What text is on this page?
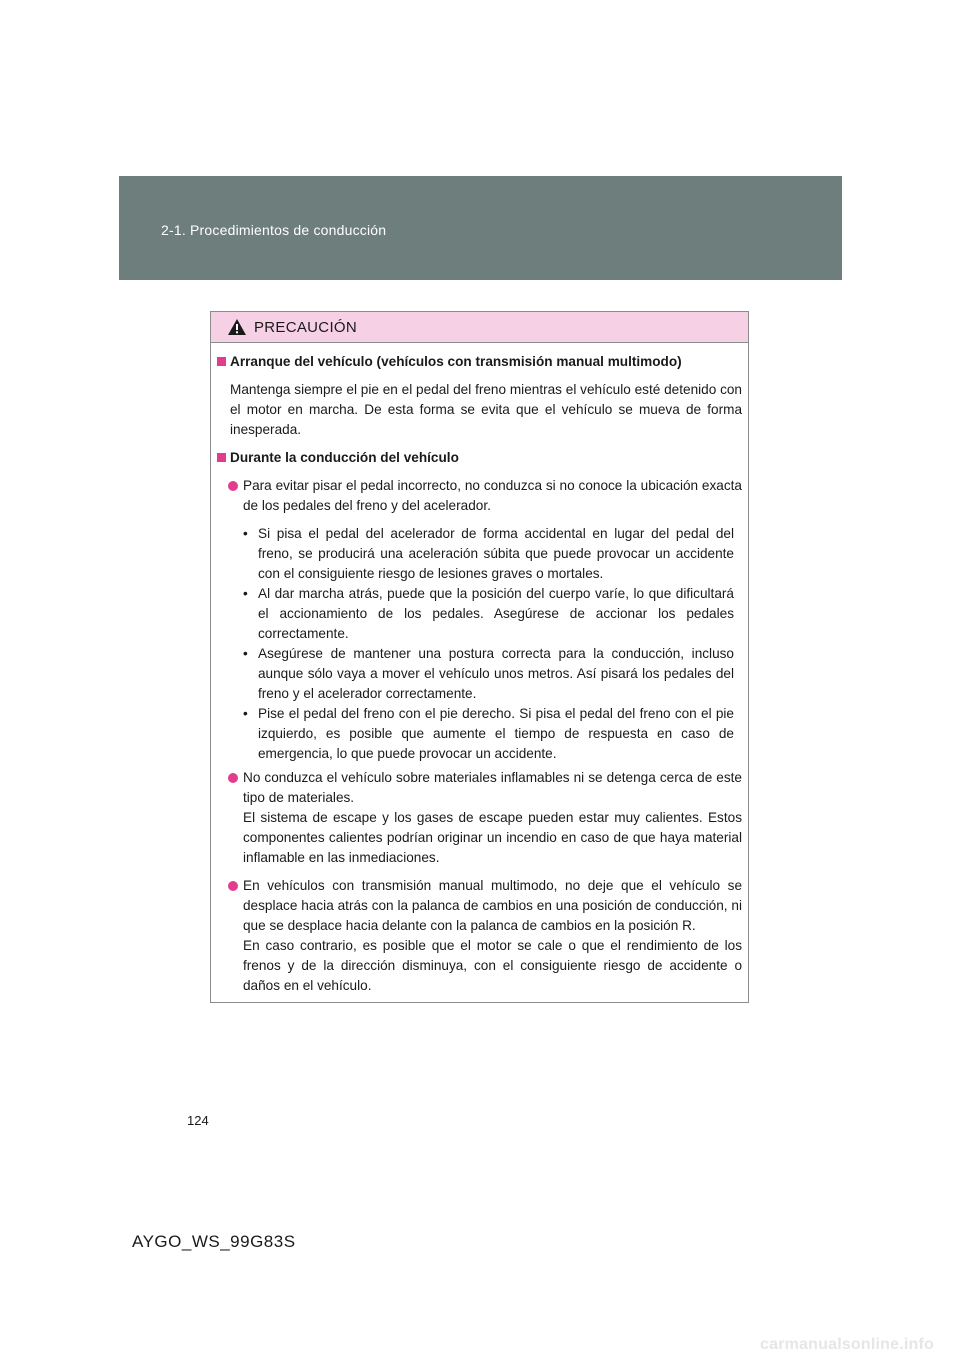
2-1. Procedimientos de conducción
PRECAUCIÓN
Arranque del vehículo (vehículos con transmisión manual multimodo)
Mantenga siempre el pie en el pedal del freno mientras el vehículo esté detenido con el motor en marcha. De esta forma se evita que el vehículo se mueva de forma inesperada.
Durante la conducción del vehículo
Para evitar pisar el pedal incorrecto, no conduzca si no conoce la ubicación exacta de los pedales del freno y del acelerador.
• Si pisa el pedal del acelerador de forma accidental en lugar del pedal del freno, se producirá una aceleración súbita que puede provocar un accidente con el consiguiente riesgo de lesiones graves o mortales.
• Al dar marcha atrás, puede que la posición del cuerpo varíe, lo que dificultará el accionamiento de los pedales. Asegúrese de accionar los pedales correctamente.
• Asegúrese de mantener una postura correcta para la conducción, incluso aunque sólo vaya a mover el vehículo unos metros. Así pisará los pedales del freno y el acelerador correctamente.
• Pise el pedal del freno con el pie derecho. Si pisa el pedal del freno con el pie izquierdo, es posible que aumente el tiempo de respuesta en caso de emergencia, lo que puede provocar un accidente.
No conduzca el vehículo sobre materiales inflamables ni se detenga cerca de este tipo de materiales.
El sistema de escape y los gases de escape pueden estar muy calientes. Estos componentes calientes podrían originar un incendio en caso de que haya material inflamable en las inmediaciones.
En vehículos con transmisión manual multimodo, no deje que el vehículo se desplace hacia atrás con la palanca de cambios en una posición de conducción, ni que se desplace hacia delante con la palanca de cambios en la posición R.
En caso contrario, es posible que el motor se cale o que el rendimiento de los frenos y de la dirección disminuya, con el consiguiente riesgo de accidente o daños en el vehículo.
124
AYGO_WS_99G83S
carmanualsonline.info
